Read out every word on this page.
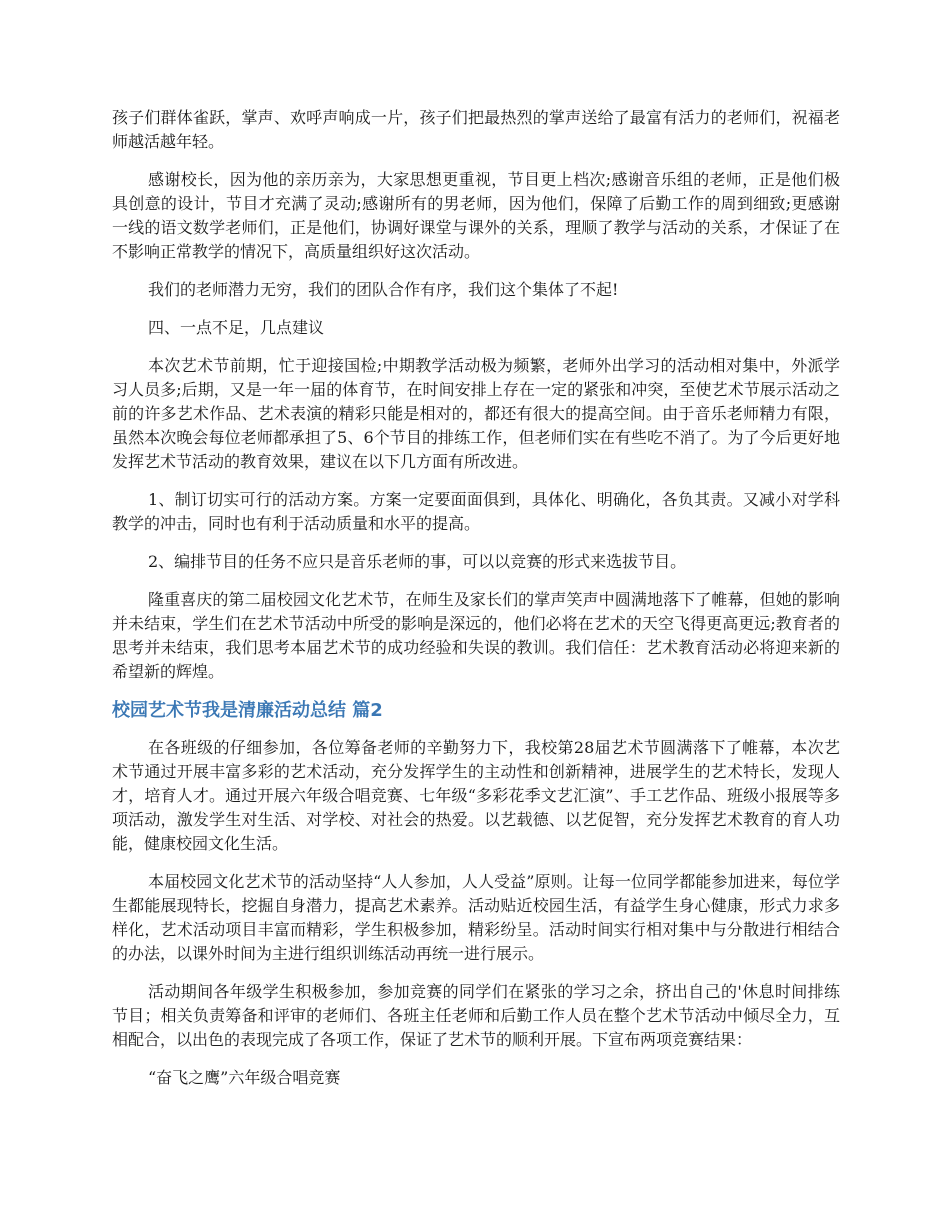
孩子们群体雀跃，掌声、欢呼声响成一片，孩子们把最热烈的掌声送给了最富有活力的老师们，祝福老师越活越年轻。

感谢校长，因为他的亲历亲为，大家思想更重视，节目更上档次;感谢音乐组的老师，正是他们极具创意的设计，节目才充满了灵动;感谢所有的男老师，因为他们，保障了后勤工作的周到细致;更感谢一线的语文数学老师们，正是他们，协调好课堂与课外的关系，理顺了教学与活动的关系，才保证了在不影响正常教学的情况下，高质量组织好这次活动。

我们的老师潜力无穷，我们的团队合作有序，我们这个集体了不起!

四、一点不足，几点建议

本次艺术节前期，忙于迎接国检;中期教学活动极为频繁，老师外出学习的活动相对集中，外派学习人员多;后期，又是一年一届的体育节，在时间安排上存在一定的紧张和冲突，至使艺术节展示活动之前的许多艺术作品、艺术表演的精彩只能是相对的，都还有很大的提高空间。由于音乐老师精力有限，虽然本次晚会每位老师都承担了5、6个节目的排练工作，但老师们实在有些吃不消了。为了今后更好地发挥艺术节活动的教育效果，建议在以下几方面有所改进。

1、制订切实可行的活动方案。方案一定要面面俱到，具体化、明确化，各负其责。又减小对学科教学的冲击，同时也有利于活动质量和水平的提高。

2、编排节目的任务不应只是音乐老师的事，可以以竞赛的形式来选拔节目。

隆重喜庆的第二届校园文化艺术节，在师生及家长们的掌声笑声中圆满地落下了帷幕，但她的影响并未结束，学生们在艺术节活动中所受的影响是深远的，他们必将在艺术的天空飞得更高更远;教育者的思考并未结束，我们思考本届艺术节的成功经验和失误的教训。我们信任：艺术教育活动必将迎来新的希望新的辉煌。

校园艺术节我是清廉活动总结 篇2

在各班级的仔细参加，各位筹备老师的辛勤努力下，我校第28届艺术节圆满落下了帷幕，本次艺术节通过开展丰富多彩的艺术活动，充分发挥学生的主动性和创新精神，进展学生的艺术特长，发现人才，培育人才。通过开展六年级合唱竞赛、七年级“多彩花季文艺汇演”、手工艺作品、班级小报展等多项活动，激发学生对生活、对学校、对社会的热爱。以艺载德、以艺促智，充分发挥艺术教育的育人功能，健康校园文化生活。

本届校园文化艺术节的活动坚持“人人参加，人人受益”原则。让每一位同学都能参加进来，每位学生都能展现特长，挖掘自身潜力，提高艺术素养。活动贴近校园生活，有益学生身心健康，形式力求多样化，艺术活动项目丰富而精彩，学生积极参加，精彩纷呈。活动时间实行相对集中与分散进行相结合的办法，以课外时间为主进行组织训练活动再统一进行展示。

活动期间各年级学生积极参加，参加竞赛的同学们在紧张的学习之余，挤出自己的'休息时间排练节目；相关负责筹备和评审的老师们、各班主任老师和后勤工作人员在整个艺术节活动中倾尽全力，互相配合，以出色的表现完成了各项工作，保证了艺术节的顺利开展。下宣布两项竞赛结果：

“奋飞之鹰”六年级合唱竞赛
